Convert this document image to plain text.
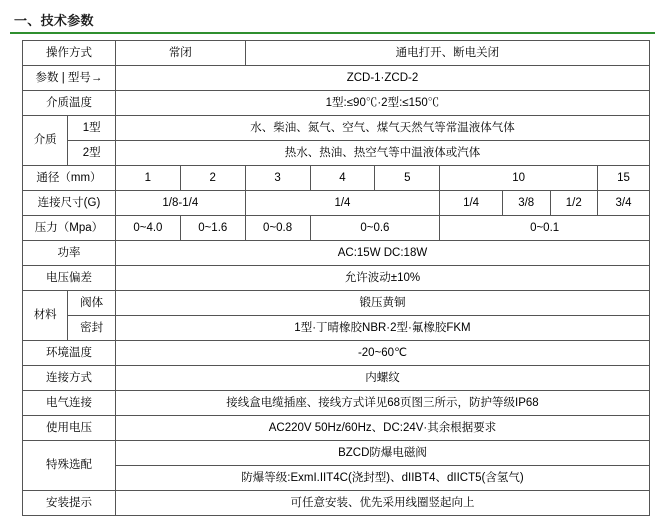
一、技术参数
操作方式		常闭		通电打开、断电关闭						
参数 | 型号→		ZCD-1·ZCD-2								
介质温度		1型:≤90℃·2型:≤150℃								
介质	1型	水、柴油、氮气、空气、煤气天然气等常温液体气体								
	2型	热水、热油、热空气等中温液体或汽体								
通径（mm）		1	2	3	4	5	10			15
连接尺寸(G)		1/8-1/4		1/4			1/4	3/8	1/2	3/4
压力（Mpa）		0~4.0	0~1.6	0~0.8	0~0.6		0~0.1			
功率		AC:15W DC:18W								
电压偏差		允许波动±10%								
材料	阀体	锻压黄铜								
	密封	1型·丁晴橡胶NBR·2型·氟橡胶FKM								
环境温度		-20~60℃								
连接方式		内螺纹								
电气连接		接线盒电缆插座、接线方式详见68页图三所示，防护等级IP68								
使用电压		AC220V 50Hz/60Hz、DC:24V·其余根据要求								
特殊选配		BZCD防爆电磁阀								
		防爆等级:ExmI.IIT4C(浇封型)、dIIBT4、dIICT5(含氢气)								
安装提示		可任意安装、优先采用线圈竖起向上								
